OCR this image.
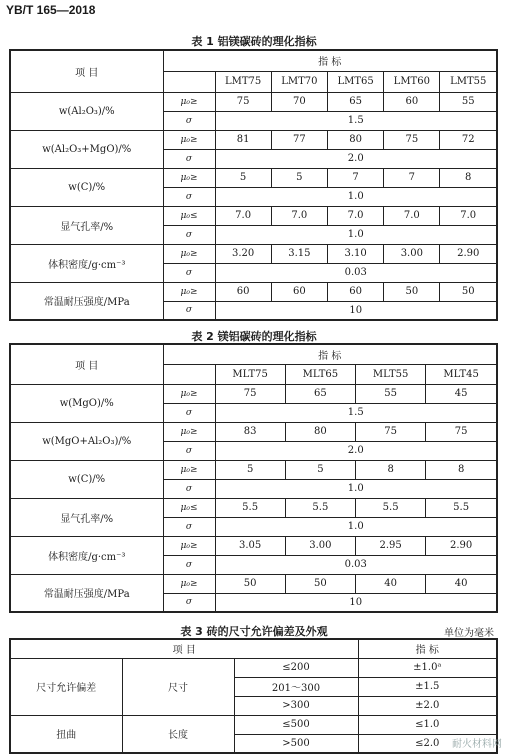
YB/T 165—2018
表 1 铝镁碳砖的理化指标
项 目	指 标					
		LMT75	LMT70	LMT65	LMT60	LMT55
w(Al₂O₃)/%	μ₀≥	75	70	65	60	55
	σ	1.5				
w(Al₂O₃+MgO)/%	μ₀≥	81	77	80	75	72
	σ	2.0				
w(C)/%	μ₀≥	5	5	7	7	8
	σ	1.0				
显气孔率/%	μ₀≤	7.0	7.0	7.0	7.0	7.0
	σ	1.0				
体积密度/g·cm⁻³	μ₀≥	3.20	3.15	3.10	3.00	2.90
	σ	0.03				
常温耐压强度/MPa	μ₀≥	60	60	60	50	50
	σ	10				
表 2 镁铝碳砖的理化指标
项 目	指 标				
		MLT75	MLT65	MLT55	MLT45
w(MgO)/%	μ₀≥	75	65	55	45
	σ	1.5			
w(MgO+Al₂O₃)/%	μ₀≥	83	80	75	75
	σ	2.0			
w(C)/%	μ₀≥	5	5	8	8
	σ	1.0			
显气孔率/%	μ₀≤	5.5	5.5	5.5	5.5
	σ	1.0			
体积密度/g·cm⁻³	μ₀≥	3.05	3.00	2.95	2.90
	σ	0.03			
常温耐压强度/MPa	μ₀≥	50	50	40	40
	σ	10			
表 3 砖的尺寸允许偏差及外观	单位为毫米
项 目			指 标
尺寸允许偏差	尺寸	≤200	±1.0ᵃ
		201～300	±1.5
		>300	±2.0
扭曲	长度	≤500	≤1.0
		>500	≤2.0 耐火材料网
